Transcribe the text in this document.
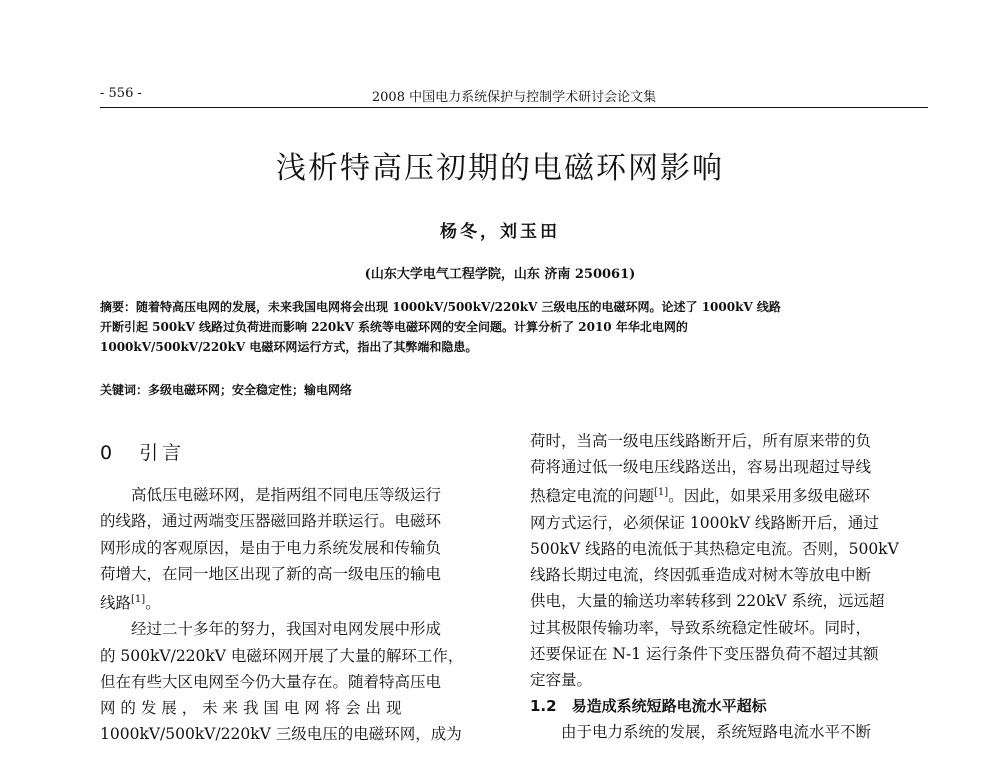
- 556 -	2008 中国电力系统保护与控制学术研讨会论文集
浅析特高压初期的电磁环网影响
杨冬，刘玉田
(山东大学电气工程学院，山东 济南 250061)
摘要：随着特高压电网的发展，未来我国电网将会出现 1000kV/500kV/220kV 三级电压的电磁环网。论述了 1000kV 线路
开断引起 500kV 线路过负荷进而影响 220kV 系统等电磁环网的安全问题。计算分析了 2010 年华北电网的
1000kV/500kV/220kV 电磁环网运行方式，指出了其弊端和隐患。
关键词：多级电磁环网；安全稳定性；输电网络
0　引言
高低压电磁环网，是指两组不同电压等级运行
的线路，通过两端变压器磁回路并联运行。电磁环
网形成的客观原因，是由于电力系统发展和传输负
荷增大，在同一地区出现了新的高一级电压的输电
线路[1]。
经过二十多年的努力，我国对电网发展中形成
的 500kV/220kV 电磁环网开展了大量的解环工作，
但在有些大区电网至今仍大量存在。随着特高压电
网 的 发 展 ， 未 来 我 国 电 网 将 会 出 现
1000kV/500kV/220kV 三级电压的电磁环网，成为
荷时，当高一级电压线路断开后，所有原来带的负
荷将通过低一级电压线路送出，容易出现超过导线
热稳定电流的问题[1]。因此，如果采用多级电磁环
网方式运行，必须保证 1000kV 线路断开后，通过
500kV 线路的电流低于其热稳定电流。否则，500kV
线路长期过电流，终因弧垂造成对树木等放电中断
供电，大量的输送功率转移到 220kV 系统，远远超
过其极限传输功率，导致系统稳定性破坏。同时，
还要保证在 N-1 运行条件下变压器负荷不超过其额
定容量。
1.2　易造成系统短路电流水平超标
由于电力系统的发展，系统短路电流水平不断
